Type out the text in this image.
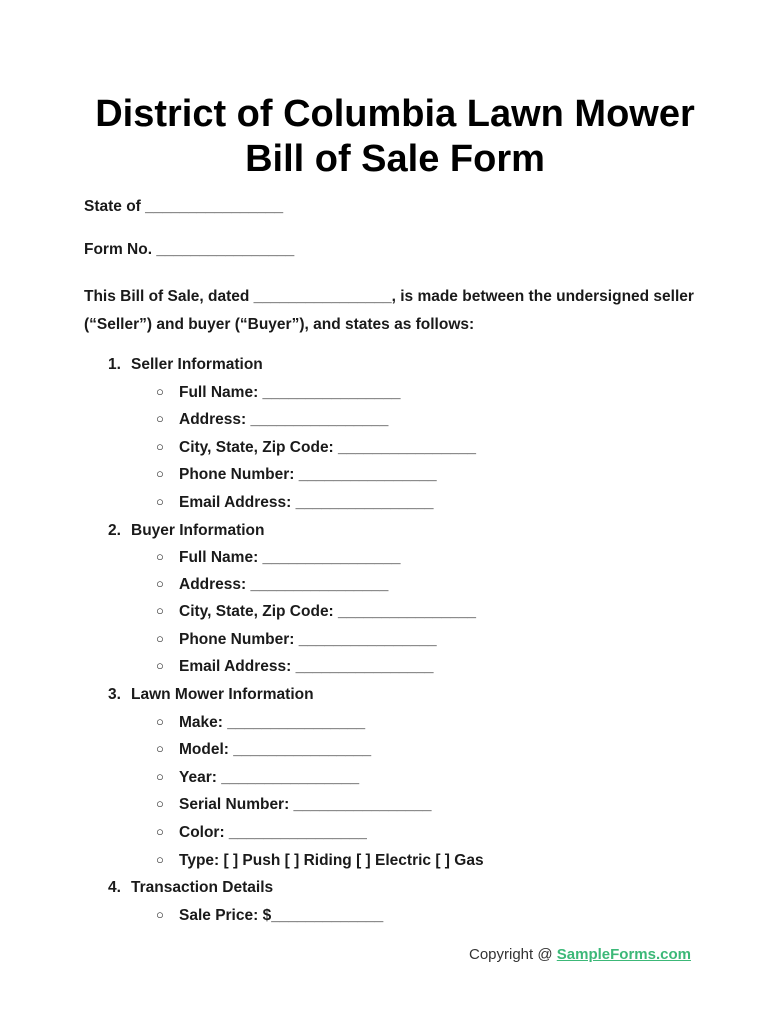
District of Columbia Lawn Mower
Bill of Sale Form
State of ________________
Form No. ________________

This Bill of Sale, dated ________________, is made between the undersigned seller (“Seller”) and buyer (“Buyer”), and states as follows:

1. Seller Information
○ Full Name: ________________
○ Address: ________________
○ City, State, Zip Code: ________________
○ Phone Number: ________________
○ Email Address: ________________
2. Buyer Information
○ Full Name: ________________
○ Address: ________________
○ City, State, Zip Code: ________________
○ Phone Number: ________________
○ Email Address: ________________
3. Lawn Mower Information
○ Make: ________________
○ Model: ________________
○ Year: ________________
○ Serial Number: ________________
○ Color: ________________
○ Type: [ ] Push [ ] Riding [ ] Electric [ ] Gas
4. Transaction Details
○ Sale Price: $_____________
Copyright @ SampleForms.com
